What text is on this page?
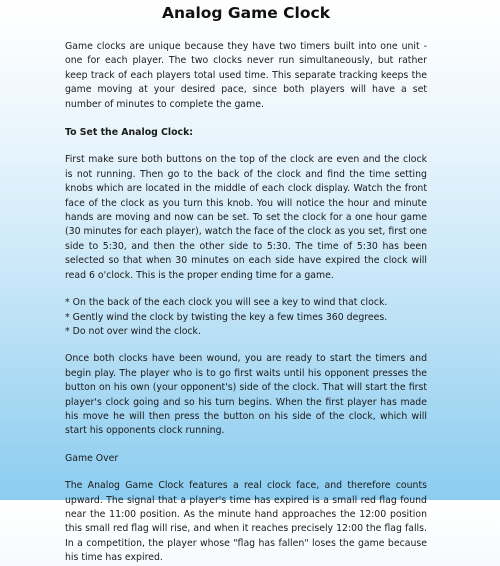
Analog Game Clock

Game clocks are unique because they have two timers built into one unit - one for each player. The two clocks never run simultaneously, but rather keep track of each players total used time. This separate tracking keeps the game moving at your desired pace, since both players will have a set number of minutes to complete the game.

To Set the Analog Clock:

First make sure both buttons on the top of the clock are even and the clock is not running. Then go to the back of the clock and find the time setting knobs which are located in the middle of each clock display. Watch the front face of the clock as you turn this knob. You will notice the hour and minute hands are moving and now can be set. To set the clock for a one hour game (30 minutes for each player), watch the face of the clock as you set, first one side to 5:30, and then the other side to 5:30. The time of 5:30 has been selected so that when 30 minutes on each side have expired the clock will read 6 o'clock. This is the proper ending time for a game.

* On the back of the each clock you will see a key to wind that clock.

* Gently wind the clock by twisting the key a few times 360 degrees.

* Do not over wind the clock.

Once both clocks have been wound, you are ready to start the timers and begin play. The player who is to go first waits until his opponent presses the button on his own (your opponent's) side of the clock. That will start the first player's clock going and so his turn begins. When the first player has made his move he will then press the button on his side of the clock, which will start his opponents clock running.

Game Over

The Analog Game Clock features a real clock face, and therefore counts upward. The signal that a player's time has expired is a small red flag found near the 11:00 position. As the minute hand approaches the 12:00 position this small red flag will rise, and when it reaches precisely 12:00 the flag falls. In a competition, the player whose "flag has fallen" loses the game because his time has expired.
